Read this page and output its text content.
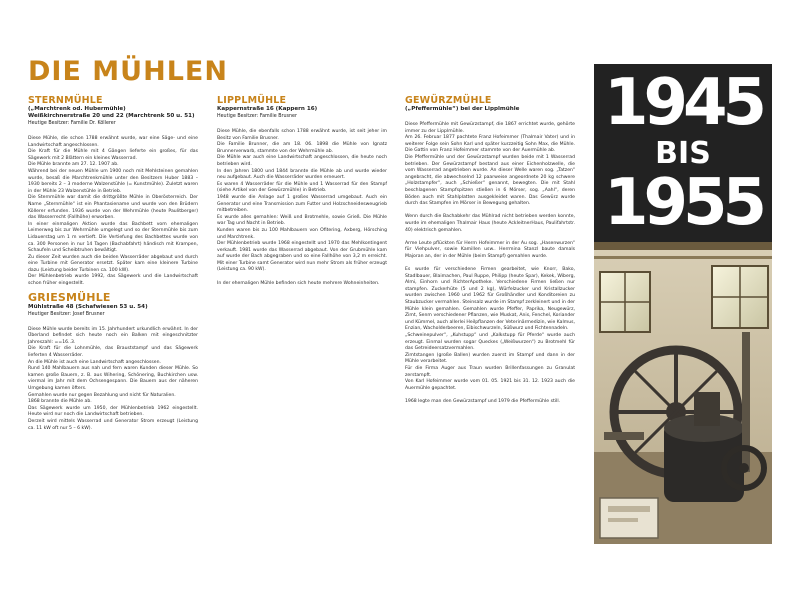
DIE MÜHLEN
STERNMÜHLE
(„Marchtrenk od. Hubermühle)
Weißkirchnerstraße 20 und 22 (Marchtrenk 50 u. 51)
Heutige Besitzer: Familie Dr. Köllerer

Diese Mühle, die schon 1788 erwähnt wurde, war eine Säge- und eine Landwirtschaft angeschlossen.

Die Kraft für die Mühle mit 4 Gängen lieferte ein großes, für das Sägewerk mit 2 Blättern ein kleines Wasserrad.

Die Mühle brannte am 27. 12. 1907 ab.

Während bei der neuen Mühle um 1900 noch mit Mehlsteinen gemahlen wurde, besaß die Marchtrenkmühle unter den Besitzern Huber 1883 – 1930 bereits 2 – 3 moderne Walzenstühle (= Kunstmühle). Zuletzt waren in der Mühle 23 Walzenstühle in Betrieb.

Die Sternmühle war damit die drittgrößte Mühle in Oberösterreich. Der Name „Sternmühle“ ist ein Phantasiename und wurde von den Brüdern Köllerer erfunden. 1936 wurde von der Wehrmühle (heute Paulitberger) das Wasserrecht (Fallhöhe) erworben.

In einer einmaligen Aktion wurde das Bachbett vom ehemaligen Leimerweg bis zur Wehrmühle umgelegt und so der Sternmühle bis zum Lidauerstag um 1 m vertieft. Die Vertiefung des Bachbettes wurde von ca. 300 Personen in nur 14 Tagen (Bachabfahrt) händisch mit Krampen, Schaufeln und Scheibtruhen bewältigt.

Zu dieser Zeit wurden auch die beiden Wasserräder abgebaut und durch eine Turbine mit Generator ersetzt. Später kam eine kleinere Turbine dazu (Leistung beider Turbinen ca. 100 kW).

Der Mühlenbetrieb wurde 1992, das Sägewerk und die Landwirtschaft schon früher eingestellt.

GRIESMÜHLE
Mühlstraße 48 (Schafwiesen 53 u. 54)
Heutiger Besitzer: Josef Brusner

Diese Mühle wurde bereits im 15. Jahrhundert urkundlich erwähnt. In der Überland befindet sich heute noch ein Balken mit eingeschnitzter Jahreszahl: ==16..3.

Die Kraft für die Lohnmühle, das Brauststampf und das Sägewerk lieferten 4 Wasserräder.

An die Mühle ist auch eine Landwirtschaft angeschlossen.

Rund 140 Mahlbauern aus nah und fern waren Kunden dieser Mühle. So kamen große Bauern, z. B. aus Wihering, Schönering, Buchkirchen usw. viermal im Jahr mit dem Ochsengespann. Die Bauern aus der näheren Umgebung kamen öfters.

Gemahlen wurde nur gegen Bezahlung und nicht für Naturalien.

1868 brannte die Mühle ab.

Das Sägewerk wurde um 1950, der Mühlenbetrieb 1962 eingestellt. Heute wird nur noch die Landwirtschaft betrieben.

Derzeit wird mittels Wasserrad und Generator Strom erzeugt (Leistung ca. 11 kW oft nur 5 – 6 kW).

LIPPLMÜHLE
Kappernstraße 16 (Kappern 16)
Heutige Besitzer: Familie Brusner

Diese Mühle, die ebenfalls schon 1788 erwähnt wurde, ist seit jeher im Besitz von Familie Brusner.

Die Familie Brunner, die am 18. 06. 1898 die Mühle von Ignatz Brunnerverwarb, stammte von der Wehrmühle ab.

Die Mühle war auch eine Landwirtschaft angeschlossen, die heute noch betrieben wird.

In den Jahren 1800 und 1844 brannte die Mühle ab und wurde wieder neu aufgebaut. Auch die Wasserräder wurden erneuert.

Es waren 4 Wasserräder für die Mühle und 1 Wasserrad für den Stampf (siehe Artikel von der Gewürzmühle) in Betrieb.

1948 wurde die Anlage auf 1 großes Wasserrad umgebaut. Auch ein Generator und eine Transmission zum Futter und Holzschneidesweugrieb mitbetreiben.

Es wurde alles gemahlen: Weiß und Brotmehle, sowie Grieß. Die Mühle war Tag und Nacht in Betrieb.

Kunden waren bis zu 100 Mahlbauern von Ofitering, Axberg, Hörsching und Marchtrenk.

Der Mühlenbetrieb wurde 1968 eingestellt und 1970 das Mehlkontingent verkauft. 1981 wurde das Wasserrad abgebaut. Von der Grubmühle kam auf wurde der Bach abgegraben und so eine Fallhöhe von 3,2 m erreicht. Mit einer Turbine samt Generator wird nun mehr Strom als früher erzeugt (Leistung ca. 90 kW).

In der ehemaligen Mühle befinden sich heute mehrere Wohneinheiten.

GEWÜRZMÜHLE
(„Pfeffermühle“) bei der Lipplmühle

Diese Pfeffermühle mit Gewürzstampf, die 1867 errichtet wurde, gehörte immer zu der Lipplmühle.

Am 26. Februar 1877 pachtete Franz Hofeimmer (Thalmair Vater) und in weiterer Folge sein Sohn Karl und später kurzzeitig Sohn Max, die Mühle. Die Gattin von Franz Hofeimmer stammte von der Auermühle ab.

Die Pfeffermühle und der Gewürzstampf wurden beide mit 1 Wasserrad betrieben. Der Gewürzstampf bestand aus einer Eichenholzwelle, die vom Wasserrad angetrieben wurde. An dieser Welle waren sog. „Tatzen“ angebracht, die abwechselnd 12 paarweise angeordnete 20 kg schwere „Holzstampfer“, auch „Schießer“ genannt, bewegten. Die mit Stahl beschlagenen Stampfspitzen stießen in 6 Mörser, sog. „Aahl“, deren Böden auch mit Stahlplatten ausgekleidet waren. Das Gewürz wurde durch das Stampfen im Mörser in Bewegung gehalten.

Wenn durch die Bachabkehr das Mühlrad nicht betrieben werden konnte, wurde im ehemaligen Thalmair Haus (heute AckleitnerHaus, Paulifahrtstr. 40) elektrisch gemahlen.

Arme Leute pflückten für Herrn Hofeimmer in der Au sog. „Hasenwurzen“ für Viehpulver, sowie Kamillen usw.. Herrmina Stanzl baute damals Majoran an, der in der Mühle (beim Stampf) gemahlen wurde.

Es wurde für verschiedene Firmen gearbeitet, wie Knorr, Bako, Stadlbauer, Blaimachen, Paul Ruppe, Philipp (heute Spar), Kekek, Wiberg, Almi, Einhorn und RichterApotheke. Verschiedene Firmen ließen nur stampfen. Zuckerhüte (5 und 2 kg), Würfelzucker und Kristallzucker wurden zwischen 1960 und 1962 für Großhändler und Konditoreien zu Staubzucker vermahlen. Steinsalz wurde im Stampf zerkleinert und in der Mühle klein gemahlen. Gemahlen wurde Pfeffer, Paprika, Neugewürz, Zimt, Senm verschiedener Pflanzen, wie Muskat, Anis, Fenchel, Koriander und Kümmel, auch allerlei Heilpflanzen der Veterinärmedizin, wie Kalmus, Enzian, Wacholderbeeren, Eibischwurzeln, Süßwurz und Fichtennadeln.

„Schweinepulver“, „Kuhstupp“ und „Kalkstupp für Pferde“ wurde auch erzeugt. Einmal wurden sogar Queckes („Weißwurzen“) zu Brotmehl für das Getreideersatzvermahlen.

Zimtstangen (große Ballen) wurden zuerst im Stampf und dann in der Mühle verarbeitet.

Für die Firma Auger aus Traun wurden Brillenfassungen zu Granulat zerstampft.

Von Karl Hofeimmer wurde vom 01. 05. 1921 bis 31. 12. 1923 auch die Auermühle gepachtet.

1968 legte man den Gewürzstampf und 1979 die Pfeffermühle still.

1945
BIS
1955
